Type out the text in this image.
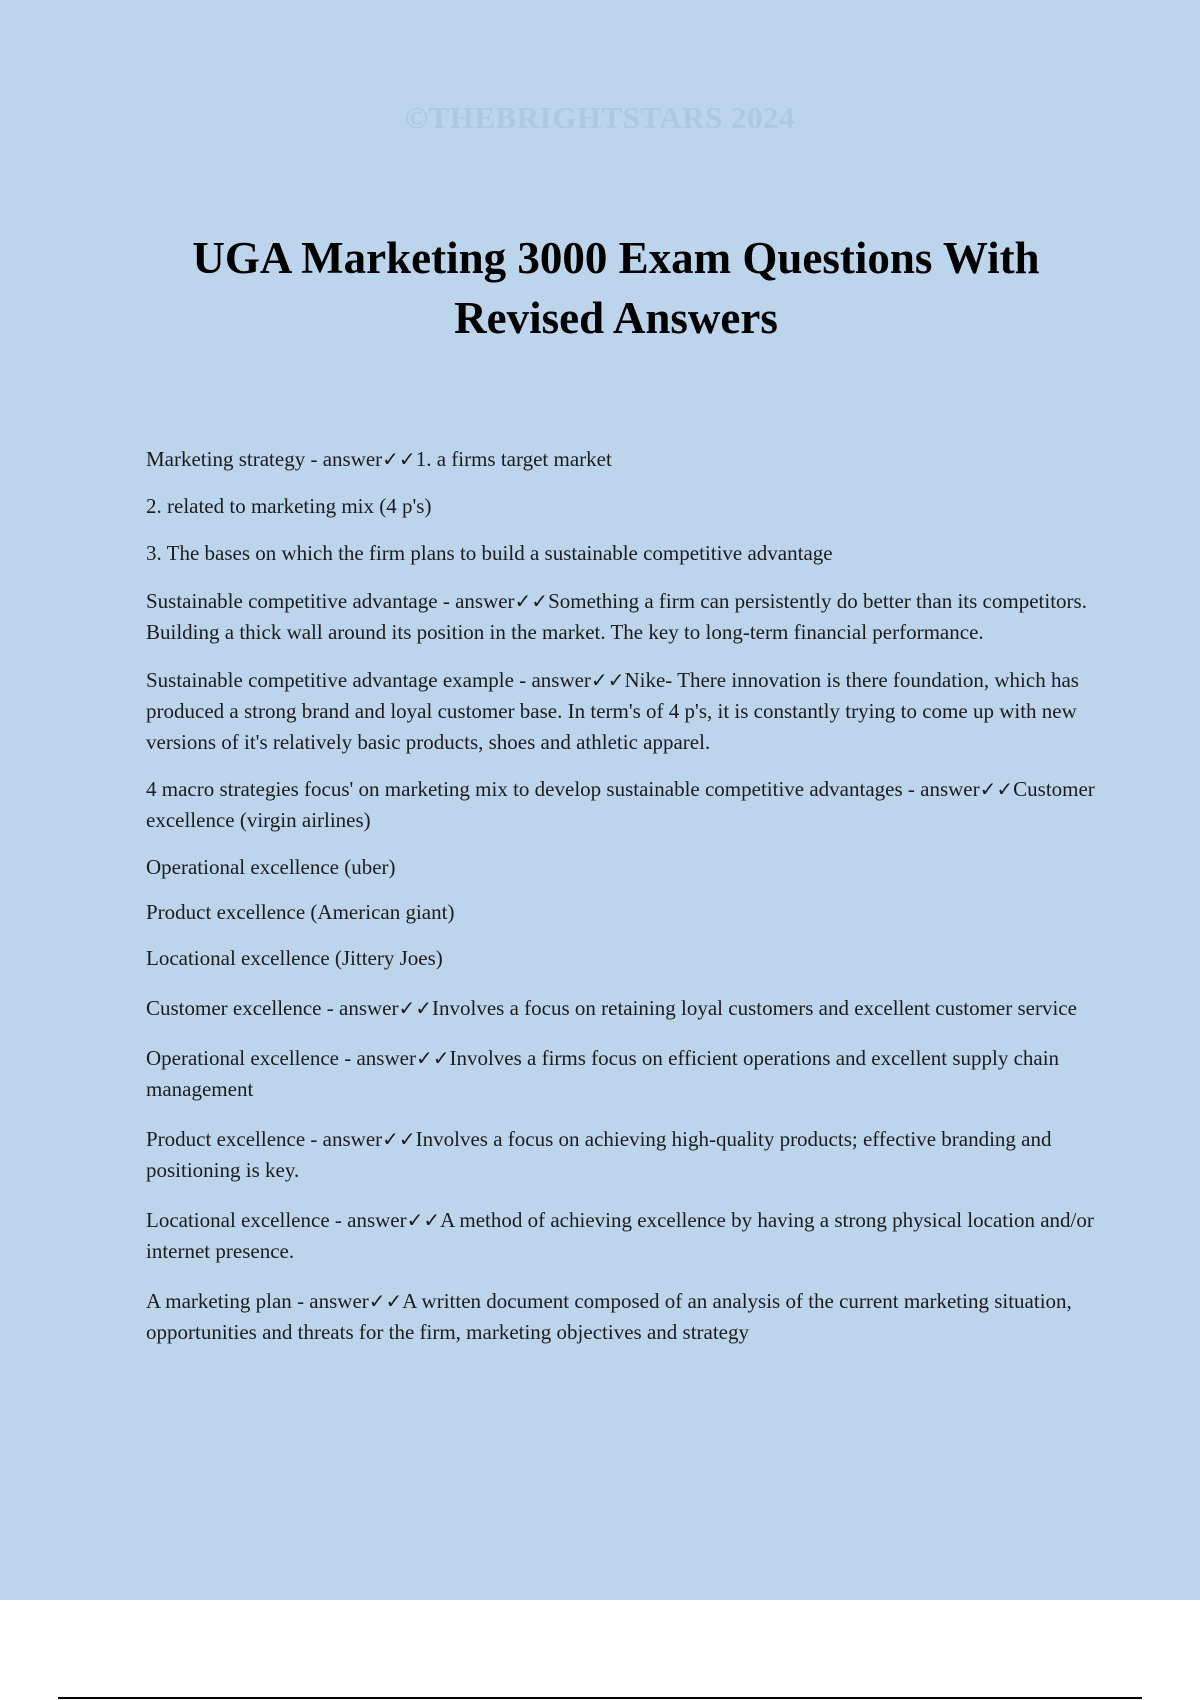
©THEBRIGHTSTARS 2024
UGA Marketing 3000 Exam Questions With Revised Answers

Marketing strategy - answer✓✓1. a firms target market

2. related to marketing mix (4 p's)

3. The bases on which the firm plans to build a sustainable competitive advantage

Sustainable competitive advantage - answer✓✓Something a firm can persistently do better than its competitors. Building a thick wall around its position in the market. The key to long-term financial performance.

Sustainable competitive advantage example - answer✓✓Nike- There innovation is there foundation, which has produced a strong brand and loyal customer base. In term's of 4 p's, it is constantly trying to come up with new versions of it's relatively basic products, shoes and athletic apparel.

4 macro strategies focus' on marketing mix to develop sustainable competitive advantages - answer✓✓Customer excellence (virgin airlines)

Operational excellence (uber)

Product excellence (American giant)

Locational excellence (Jittery Joes)

Customer excellence - answer✓✓Involves a focus on retaining loyal customers and excellent customer service

Operational excellence - answer✓✓Involves a firms focus on efficient operations and excellent supply chain management

Product excellence - answer✓✓Involves a focus on achieving high-quality products; effective branding and positioning is key.

Locational excellence - answer✓✓A method of achieving excellence by having a strong physical location and/or internet presence.

A marketing plan - answer✓✓A written document composed of an analysis of the current marketing situation, opportunities and threats for the firm, marketing objectives and strategy
